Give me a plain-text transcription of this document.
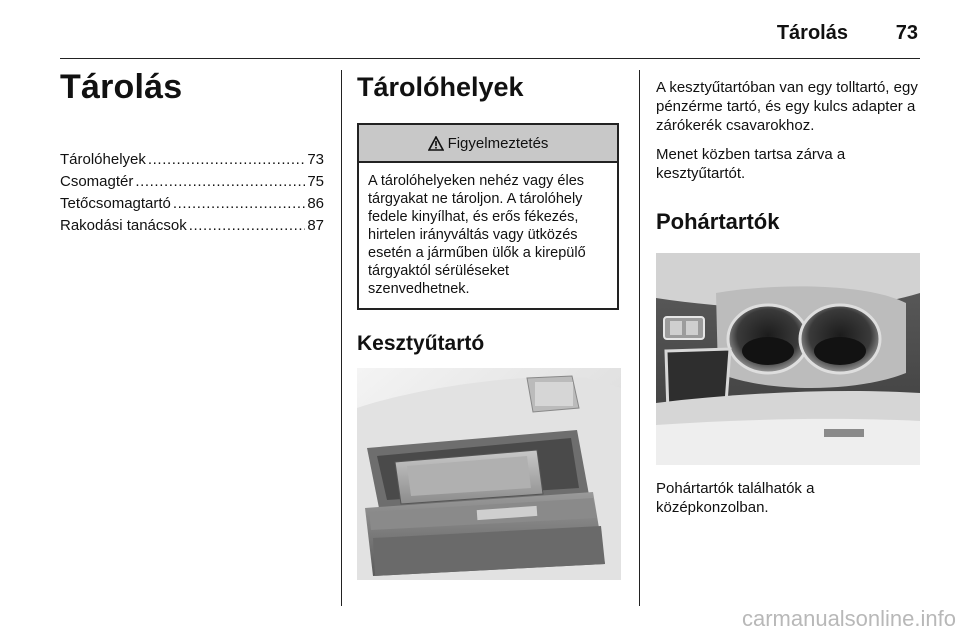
Tárolás	73
Tárolás
Tárolóhelyek .....	73
Csomagtér .....	75
Tetőcsomagtartó .....	86
Rakodási tanácsok .....	87
Tárolóhelyek
Figyelmeztetés
A tárolóhelyeken nehéz vagy éles tárgyakat ne tároljon. A tárolóhely fedele kinyílhat, és erős fékezés, hirtelen irányváltás vagy ütközés esetén a járműben ülők a kirepülő tárgyaktól sérüléseket szenvedhetnek.
Kesztyűtartó

A kesztyűtartóban van egy tolltartó, egy pénzérme tartó, és egy kulcs adapter a zárókerék csavarokhoz.

Menet közben tartsa zárva a kesztyűtartót.

Pohártartók

Pohártartók találhatók a középkonzolban.

carmanualsonline.info
